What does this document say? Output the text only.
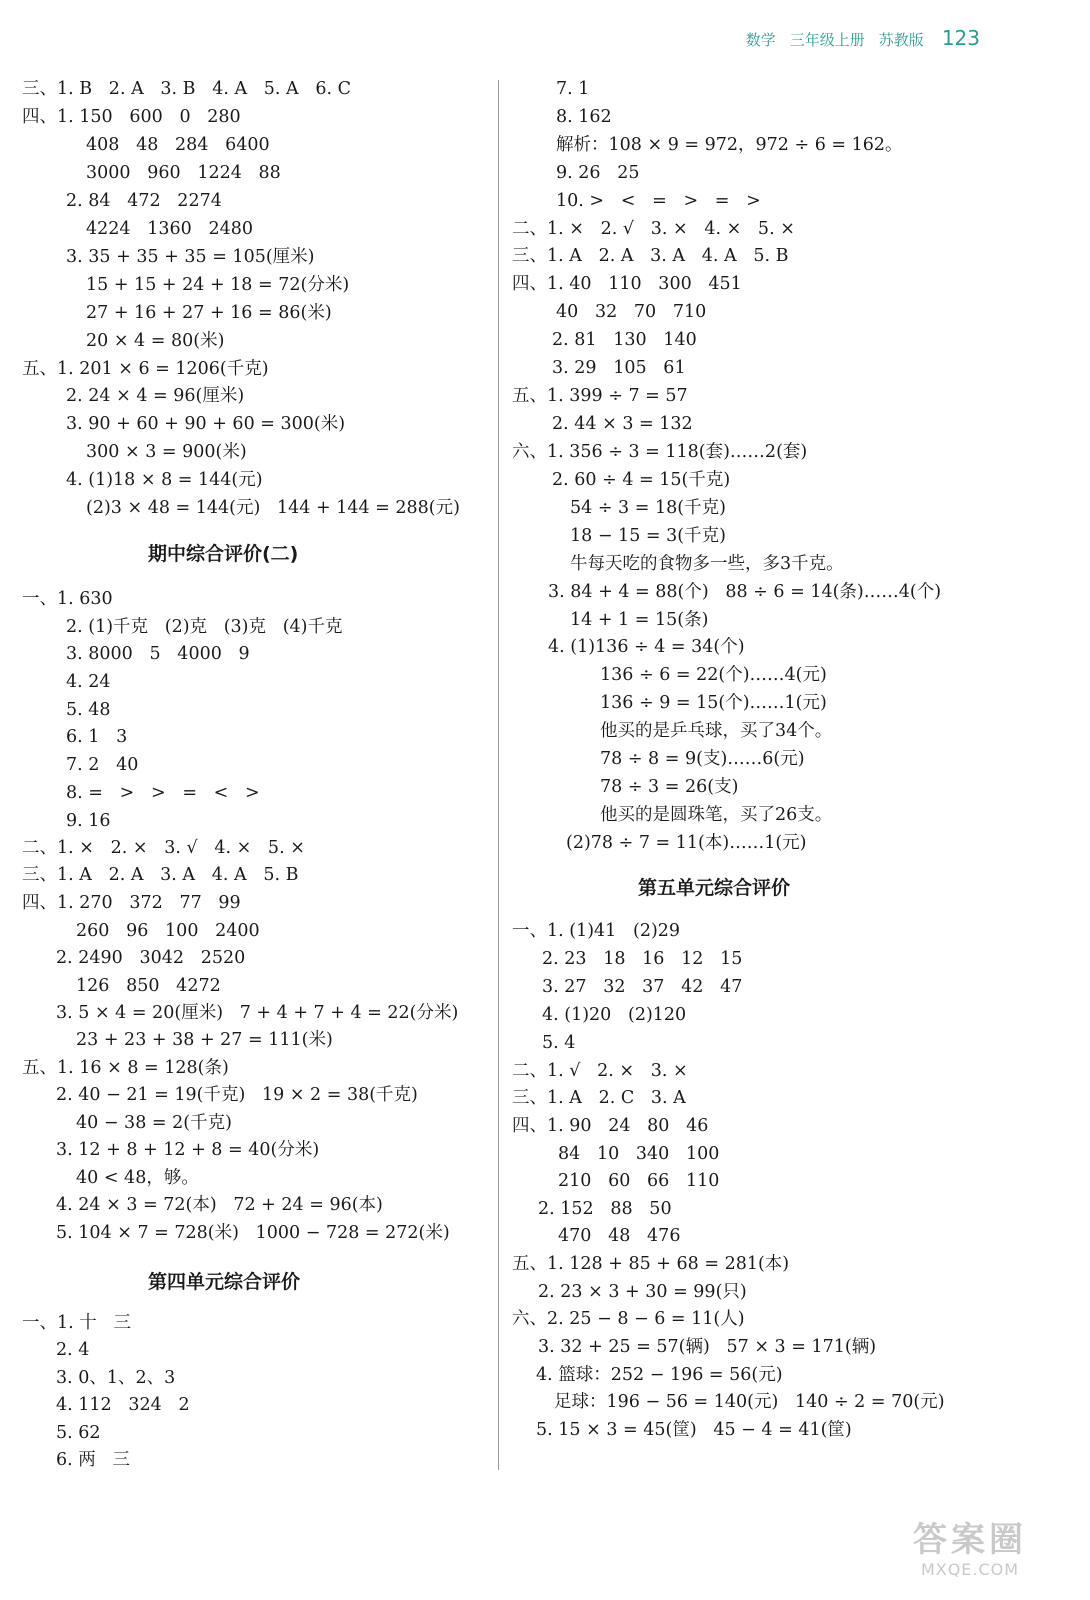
数学 三年级上册 苏教版 123
三、1. B   2. A   3. B   4. A   5. A   6. C
四、1. 150   600   0   280
408   48   284   6400
3000   960   1224   88
2. 84   472   2274
4224   1360   2480
3. 35 + 35 + 35 = 105(厘米)
15 + 15 + 24 + 18 = 72(分米)
27 + 16 + 27 + 16 = 86(米)
20 × 4 = 80(米)
五、1. 201 × 6 = 1206(千克)
2. 24 × 4 = 96(厘米)
3. 90 + 60 + 90 + 60 = 300(米)
300 × 3 = 900(米)
4. (1)18 × 8 = 144(元)
(2)3 × 48 = 144(元)   144 + 144 = 288(元)
期中综合评价(二)
一、1. 630
2. (1)千克   (2)克   (3)克   (4)千克
3. 8000   5   4000   9
4. 24
5. 48
6. 1   3
7. 2   40
8. =   >   >   =   <   >
9. 16
二、1. ×   2. ×   3. √   4. ×   5. ×
三、1. A   2. A   3. A   4. A   5. B
四、1. 270   372   77   99
260   96   100   2400
2. 2490   3042   2520
126   850   4272
3. 5 × 4 = 20(厘米)   7 + 4 + 7 + 4 = 22(分米)
23 + 23 + 38 + 27 = 111(米)
五、1. 16 × 8 = 128(条)
2. 40 − 21 = 19(千克)   19 × 2 = 38(千克)
40 − 38 = 2(千克)
3. 12 + 8 + 12 + 8 = 40(分米)
40 < 48，够。
4. 24 × 3 = 72(本)   72 + 24 = 96(本)
5. 104 × 7 = 728(米)   1000 − 728 = 272(米)
第四单元综合评价
一、1. 十   三
2. 4
3. 0、1、2、3
4. 112   324   2
5. 62
6. 两   三
7. 1
8. 162
解析：108 × 9 = 972，972 ÷ 6 = 162。
9. 26   25
10. >   <   =   >   =   >
二、1. ×   2. √   3. ×   4. ×   5. ×
三、1. A   2. A   3. A   4. A   5. B
四、1. 40   110   300   451
40   32   70   710
2. 81   130   140
3. 29   105   61
五、1. 399 ÷ 7 = 57
2. 44 × 3 = 132
六、1. 356 ÷ 3 = 118(套)……2(套)
2. 60 ÷ 4 = 15(千克)
54 ÷ 3 = 18(千克)
18 − 15 = 3(千克)
牛每天吃的食物多一些，多3千克。
3. 84 + 4 = 88(个)   88 ÷ 6 = 14(条)……4(个)
14 + 1 = 15(条)
4. (1)136 ÷ 4 = 34(个)
136 ÷ 6 = 22(个)……4(元)
136 ÷ 9 = 15(个)……1(元)
他买的是乒乓球，买了34个。
78 ÷ 8 = 9(支)……6(元)
78 ÷ 3 = 26(支)
他买的是圆珠笔，买了26支。
(2)78 ÷ 7 = 11(本)……1(元)
第五单元综合评价
一、1. (1)41   (2)29
2. 23   18   16   12   15
3. 27   32   37   42   47
4. (1)20   (2)120
5. 4
二、1. √   2. ×   3. ×
三、1. A   2. C   3. A
四、1. 90   24   80   46
84   10   340   100
210   60   66   110
2. 152   88   50
470   48   476
五、1. 128 + 85 + 68 = 281(本)
2. 23 × 3 + 30 = 99(只)
六、2. 25 − 8 − 6 = 11(人)
3. 32 + 25 = 57(辆)   57 × 3 = 171(辆)
4. 篮球：252 − 196 = 56(元)
足球：196 − 56 = 140(元)   140 ÷ 2 = 70(元)
5. 15 × 3 = 45(筐)   45 − 4 = 41(筐)
答案圈
MXQE.COM
